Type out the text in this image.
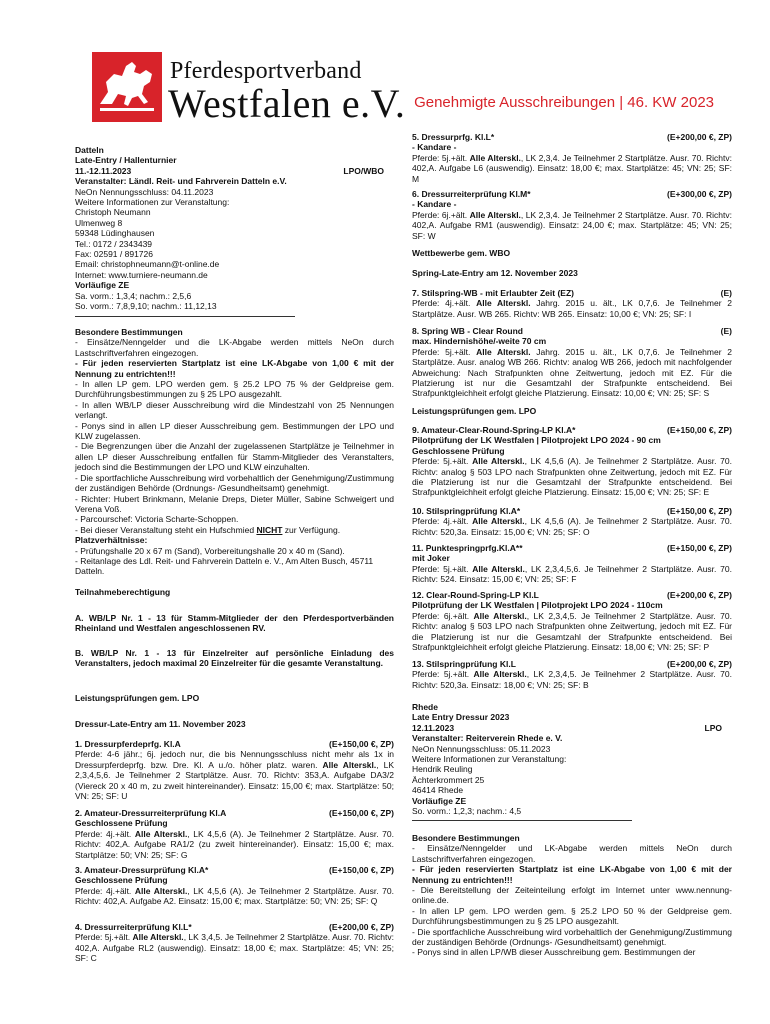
Pferdesportverband
Westfalen e.V. Genehmigte Ausschreibungen | 46. KW 2023
Datteln
Late-Entry / Hallenturnier
11.-12.11.2023	LPO/WBO
Veranstalter: Ländl. Reit- und Fahrverein Datteln e.V.
NeOn Nennungsschluss: 04.11.2023
Weitere Informationen zur Veranstaltung:
Christoph Neumann
Ulmenweg 8
59348 Lüdinghausen
Tel.: 0172 / 2343439
Fax: 02591 / 891726
Email: christophneumann@t-online.de
Internet: www.turniere-neumann.de
Vorläufige ZE
Sa. vorm.: 1,3,4; nachm.: 2,5,6
So. vorm.: 7,8,9,10; nachm.: 11,12,13

Besondere Bestimmungen

- Einsätze/Nenngelder und die LK-Abgabe werden mittels NeOn durch Lastschriftverfahren eingezogen.

- Für jeden reservierten Startplatz ist eine LK-Abgabe von 1,00 € mit der Nennung zu entrichten!!!

- In allen LP gem. LPO werden gem. § 25.2 LPO 75 % der Geldpreise gem. Durchführungsbestimmungen zu § 25 LPO ausgezahlt.

- In allen WB/LP dieser Ausschreibung wird die Mindestzahl von 25 Nennungen verlangt.

- Ponys sind in allen LP dieser Ausschreibung gem. Bestimmungen der LPO und KLW zugelassen.

- Die Begrenzungen über die Anzahl der zugelassenen Startplätze je Teilnehmer in allen LP dieser Ausschreibung entfallen für Stamm-Mitglieder des Veranstalters, jedoch sind die Bestimmungen der LPO und KLW einzuhalten.

- Die sportfachliche Ausschreibung wird vorbehaltlich der Genehmigung/Zustimmung der zuständigen Behörde (Ordnungs- /Gesundheitsamt) genehmigt.

- Richter: Hubert Brinkmann, Melanie Dreps, Dieter Müller, Sabine Schweigert und Verena Voß.

- Parcourschef: Victoria Scharte-Schoppen.

- Bei dieser Veranstaltung steht ein Hufschmied NICHT zur Verfügung.

Platzverhältnisse:

- Prüfungshalle 20 x 67 m (Sand), Vorbereitungshalle 20 x 40 m (Sand).

- Reitanlage des Ldl. Reit- und Fahrverein Datteln e. V., Am Alten Busch, 45711 Datteln.

Teilnahmeberechtigung

A. WB/LP Nr. 1 - 13 für Stamm-Mitglieder der den Pferdesportverbänden Rheinland und Westfalen angeschlossenen RV.

B. WB/LP Nr. 1 - 13 für Einzelreiter auf persönliche Einladung des Veranstalters, jedoch maximal 20 Einzelreiter für die gesamte Veranstaltung.

Leistungsprüfungen gem. LPO

Dressur-Late-Entry am 11. November 2023

1. Dressurpferdeprfg. Kl.A	(E+150,00 €, ZP)

Pferde: 4-6 jähr.; 6j. jedoch nur, die bis Nennungsschluss nicht mehr als 1x in Dressurpferdeprfg. bzw. Dre. Kl. A u./o. höher platz. waren. Alle Alterskl., LK 2,3,4,5,6. Je Teilnehmer 2 Startplätze. Ausr. 70. Richtv: 353,A. Aufgabe DA3/2 (Viereck 20 x 40 m, zu zweit hintereinander). Einsatz: 15,00 €; max. Startplätze: 50; VN: 25; SF: U

2. Amateur-Dressurreiterprüfung Kl.A	(E+150,00 €, ZP)

Geschlossene Prüfung

Pferde: 4j.+ält. Alle Alterskl., LK 4,5,6 (A). Je Teilnehmer 2 Startplätze. Ausr. 70. Richtv: 402,A. Aufgabe RA1/2 (zu zweit hintereinander). Einsatz: 15,00 €; max. Startplätze: 50; VN: 25; SF: G

3. Amateur-Dressurprüfung Kl.A*	(E+150,00 €, ZP)

Geschlossene Prüfung

Pferde: 4j.+ält. Alle Alterskl., LK 4,5,6 (A). Je Teilnehmer 2 Startplätze. Ausr. 70. Richtv: 402,A. Aufgabe A2. Einsatz: 15,00 €; max. Startplätze: 50; VN: 25; SF: Q

4. Dressurreiterprüfung Kl.L*	(E+200,00 €, ZP)

Pferde: 5j.+ält. Alle Alterskl., LK 3,4,5. Je Teilnehmer 2 Startplätze. Ausr. 70. Richtv: 402,A. Aufgabe RL2 (auswendig). Einsatz: 18,00 €; max. Startplätze: 45; VN: 25; SF: C

5. Dressurprfg. Kl.L*	(E+200,00 €, ZP)

- Kandare -

Pferde: 5j.+ält. Alle Alterskl., LK 2,3,4. Je Teilnehmer 2 Startplätze. Ausr. 70. Richtv: 402,A. Aufgabe L6 (auswendig). Einsatz: 18,00 €; max. Startplätze: 45; VN: 25; SF: M

6. Dressurreiterprüfung Kl.M*	(E+300,00 €, ZP)

- Kandare -

Pferde: 6j.+ält. Alle Alterskl., LK 2,3,4. Je Teilnehmer 2 Startplätze. Ausr. 70. Richtv: 402,A. Aufgabe RM1 (auswendig). Einsatz: 24,00 €; max. Startplätze: 45; VN: 25; SF: W

Wettbewerbe gem. WBO

Spring-Late-Entry am 12. November 2023

7. Stilspring-WB - mit Erlaubter Zeit (EZ)	(E)

Pferde: 4j.+ält. Alle Alterskl. Jahrg. 2015 u. ält., LK 0,7,6. Je Teilnehmer 2 Startplätze. Ausr. WB 265. Richtv: WB 265. Einsatz: 10,00 €; VN: 25; SF: I

8. Spring WB - Clear Round	(E)

max. Hindernishöhe/-weite 70 cm

Pferde: 5j.+ält. Alle Alterskl. Jahrg. 2015 u. ält., LK 0,7,6. Je Teilnehmer 2 Startplätze. Ausr. analog WB 266. Richtv: analog WB 266, jedoch mit nachfolgender Abweichung: Nach Strafpunkten ohne Zeitwertung, jedoch mit EZ. Für die Platzierung ist nur die Gesamtzahl der Strafpunkte entscheidend. Bei Strafpunktgleichheit erfolgt gleiche Platzierung. Einsatz: 10,00 €; VN: 25; SF: S

Leistungsprüfungen gem. LPO

9. Amateur-Clear-Round-Spring-LP Kl.A*	(E+150,00 €, ZP)

Pilotprüfung der LK Westfalen | Pilotprojekt LPO 2024 - 90 cm

Geschlossene Prüfung

Pferde: 5j.+ält. Alle Alterskl., LK 4,5,6 (A). Je Teilnehmer 2 Startplätze. Ausr. 70. Richtv: analog § 503 LPO nach Strafpunkten ohne Zeitwertung, jedoch mit EZ. Für die Platzierung ist nur die Gesamtzahl der Strafpunkte entscheidend. Bei Strafpunktgleichheit erfolgt gleiche Platzierung. Einsatz: 15,00 €; VN: 25; SF: E

10. Stilspringprüfung Kl.A*	(E+150,00 €, ZP)

Pferde: 4j.+ält. Alle Alterskl., LK 4,5,6 (A). Je Teilnehmer 2 Startplätze. Ausr. 70. Richtv: 520,3a. Einsatz: 15,00 €; VN: 25; SF: O

11. Punktespringprfg.Kl.A**	(E+150,00 €, ZP)

mit Joker

Pferde: 5j.+ält. Alle Alterskl., LK 2,3,4,5,6. Je Teilnehmer 2 Startplätze. Ausr. 70. Richtv: 524. Einsatz: 15,00 €; VN: 25; SF: F

12. Clear-Round-Spring-LP Kl.L	(E+200,00 €, ZP)

Pilotprüfung der LK Westfalen | Pilotprojekt LPO 2024 - 110cm

Pferde: 6j.+ält. Alle Alterskl., LK 2,3,4,5. Je Teilnehmer 2 Startplätze. Ausr. 70. Richtv: analog § 503 LPO nach Strafpunkten ohne Zeitwertung, jedoch mit EZ. Für die Platzierung ist nur die Gesamtzahl der Strafpunkte entscheidend. Bei Strafpunktgleichheit erfolgt gleiche Platzierung. Einsatz: 18,00 €; VN: 25; SF: P

13. Stilspringprüfung Kl.L	(E+200,00 €, ZP)

Pferde: 5j.+ält. Alle Alterskl., LK 2,3,4,5. Je Teilnehmer 2 Startplätze. Ausr. 70. Richtv: 520,3a. Einsatz: 18,00 €; VN: 25; SF: B

Rhede
Late Entry Dressur 2023
12.11.2023	LPO
Veranstalter: Reiterverein Rhede e. V.
NeOn Nennungsschluss: 05.11.2023
Weitere Informationen zur Veranstaltung:
Hendrik Reuling
Ächterkrommert 25
46414 Rhede
Vorläufige ZE
So. vorm.: 1,2,3; nachm.: 4,5

Besondere Bestimmungen

- Einsätze/Nenngelder und LK-Abgabe werden mittels NeOn durch Lastschriftverfahren eingezogen.

- Für jeden reservierten Startplatz ist eine LK-Abgabe von 1,00 € mit der Nennung zu entrichten!!!

- Die Bereitstellung der Zeiteinteilung erfolgt im Internet unter www.nennung-online.de.

- In allen LP gem. LPO werden gem. § 25.2 LPO 50 % der Geldpreise gem. Durchführungsbestimmungen zu § 25 LPO ausgezahlt.

- Die sportfachliche Ausschreibung wird vorbehaltlich der Genehmigung/Zustimmung der zuständigen Behörde (Ordnungs- /Gesundheitsamt) genehmigt.

- Ponys sind in allen LP/WB dieser Ausschreibung gem. Bestimmungen der
